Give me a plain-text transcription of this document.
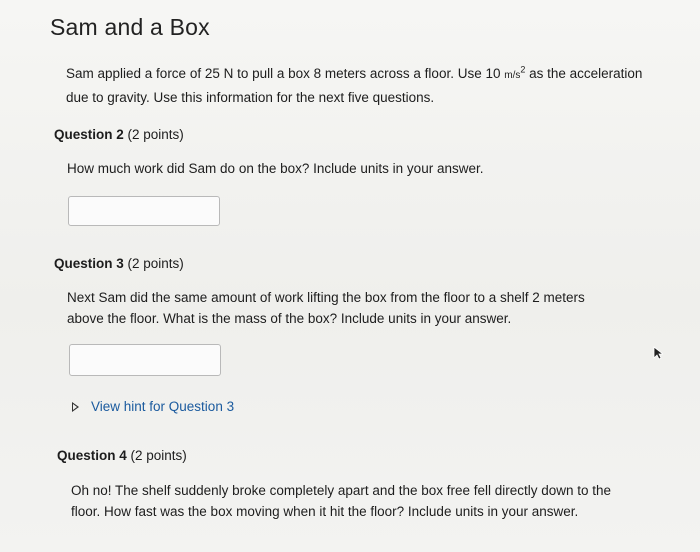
Sam and a Box
Sam applied a force of 25 N to pull a box 8 meters across a floor. Use 10 $m/s^2$ as the acceleration due to gravity. Use this information for the next five questions.
Question 2 (2 points)
How much work did Sam do on the box? Include units in your answer.
Question 3 (2 points)
Next Sam did the same amount of work lifting the box from the floor to a shelf 2 meters above the floor. What is the mass of the box? Include units in your answer.
View hint for Question 3
Question 4 (2 points)
Oh no! The shelf suddenly broke completely apart and the box free fell directly down to the floor. How fast was the box moving when it hit the floor? Include units in your answer.
